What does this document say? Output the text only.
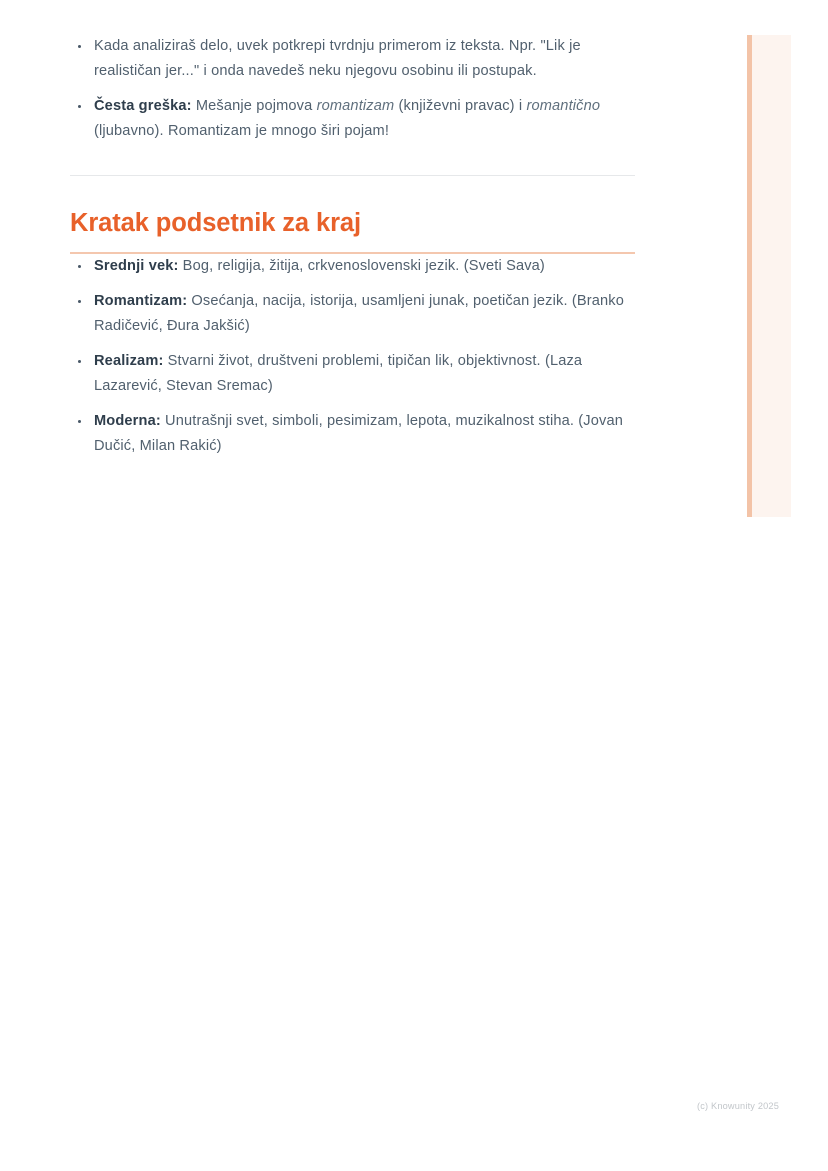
Kada analiziraš delo, uvek potkrepi tvrdnju primerom iz teksta. Npr. "Lik je realističan jer..." i onda navedeš neku njegovu osobinu ili postupak.
Česta greška: Mešanje pojmova romantizam (književni pravac) i romantično (ljubavno). Romantizam je mnogo širi pojam!
Kratak podsetnik za kraj
Srednji vek: Bog, religija, žitija, crkvenoslovenski jezik. (Sveti Sava)
Romantizam: Osećanja, nacija, istorija, usamljeni junak, poetičan jezik. (Branko Radičević, Đura Jakšić)
Realizam: Stvarni život, društveni problemi, tipičan lik, objektivnost. (Laza Lazarević, Stevan Sremac)
Moderna: Unutrašnji svet, simboli, pesimizam, lepota, muzikalnost stiha. (Jovan Dučić, Milan Rakić)
(c) Knowunity 2025
